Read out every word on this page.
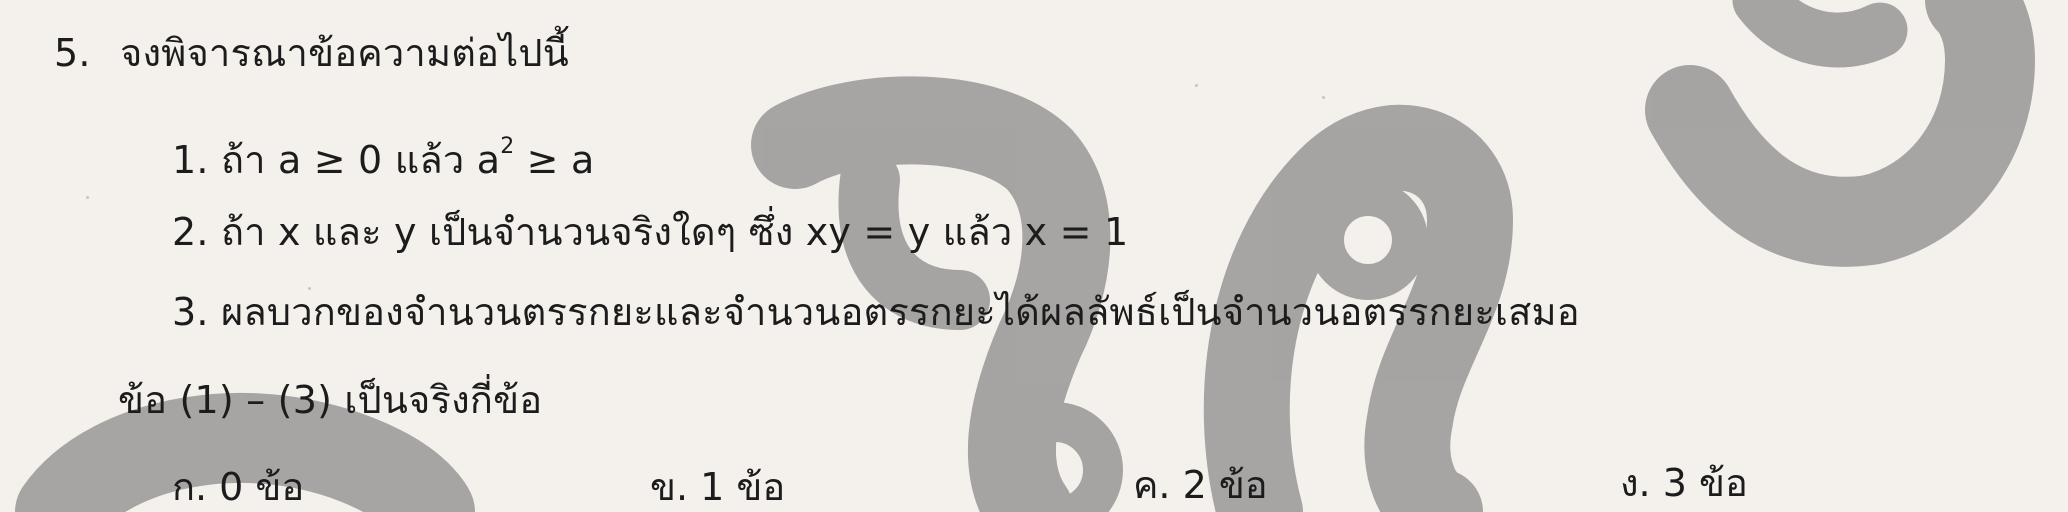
5. จงพิจารณาข้อความต่อไปนี้
1. ถ้า a ≥ 0 แล้ว $a^2 \ge a$
2. ถ้า x และ y เป็นจำนวนจริงใดๆ ซึ่ง xy = y แล้ว x = 1
3. ผลบวกของจำนวนตรรกยะและจำนวนอตรรกยะได้ผลลัพธ์เป็นจำนวนอตรรกยะเสมอ
ข้อ (1) – (3) เป็นจริงกี่ข้อ
ก. 0 ข้อ	ข. 1 ข้อ	ค. 2 ข้อ	ง. 3 ข้อ
